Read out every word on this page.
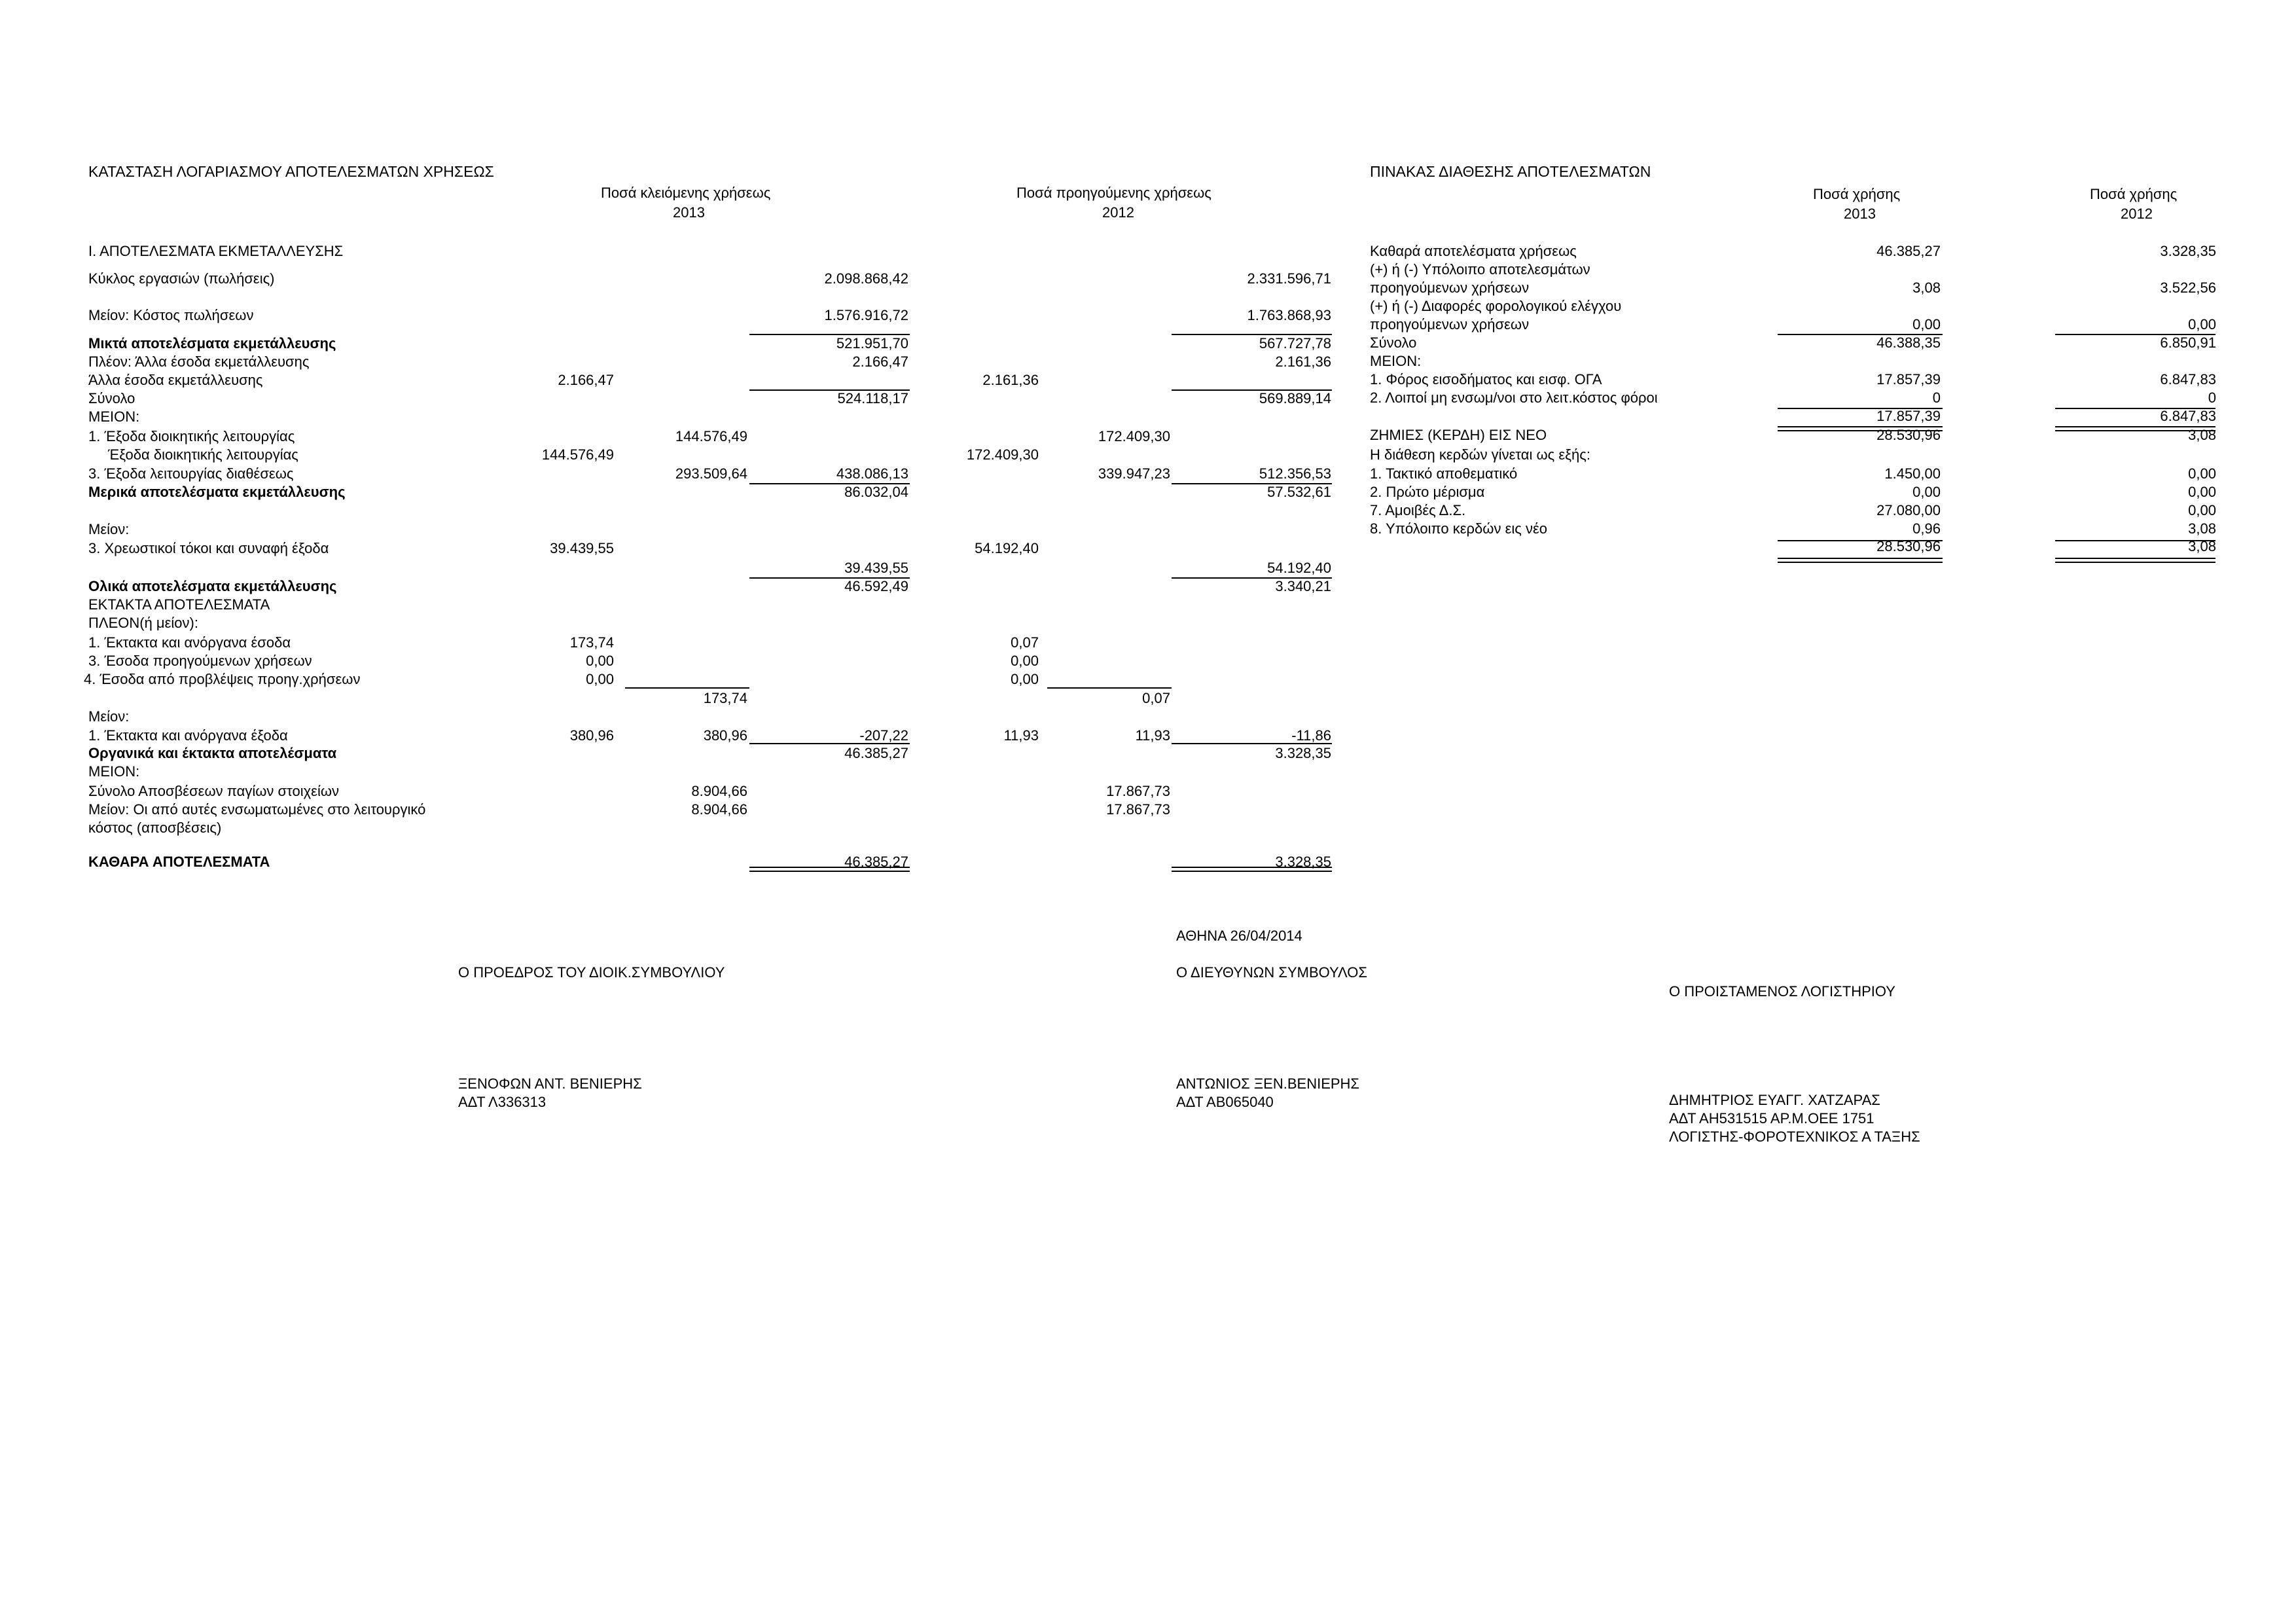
ΚΑΤΑΣΤΑΣΗ ΛΟΓΑΡΙΑΣΜΟΥ ΑΠΟΤΕΛΕΣΜΑΤΩΝ ΧΡΗΣΕΩΣ
Ποσά κλειόμενης χρήσεως
2013
Ποσά προηγούμενης χρήσεως
2012
Ι. ΑΠΟΤΕΛΕΣΜΑΤΑ ΕΚΜΕΤΑΛΛΕΥΣΗΣ
Κύκλος εργασιών (πωλήσεις)	2.098.868,42	2.331.596,71
Μείον: Κόστος πωλήσεων	1.576.916,72	1.763.868,93
Μικτά αποτελέσματα εκμετάλλευσης	521.951,70	567.727,78
Πλέον: Άλλα έσοδα εκμετάλλευσης	2.166,47	2.161,36
Άλλα έσοδα εκμετάλλευσης	2.166,47	2.161,36
Σύνολο	524.118,17	569.889,14
ΜΕΙΟΝ:
1. Έξοδα διοικητικής λειτουργίας	144.576,49	172.409,30
Έξοδα διοικητικής λειτουργίας	144.576,49	172.409,30
3. Έξοδα λειτουργίας διαθέσεως	293.509,64	438.086,13	339.947,23	512.356,53
Μερικά αποτελέσματα εκμετάλλευσης	86.032,04	57.532,61
Μείον:
3. Χρεωστικοί τόκοι και συναφή έξοδα	39.439,55	54.192,40
39.439,55	54.192,40
Ολικά αποτελέσματα εκμετάλλευσης	46.592,49	3.340,21
ΕΚΤΑΚΤΑ ΑΠΟΤΕΛΕΣΜΑΤΑ
ΠΛΕΟΝ(ή μείον):
1. Έκτακτα και ανόργανα έσοδα	173,74	0,07
3. Έσοδα προηγούμενων χρήσεων	0,00	0,00
4. Έσοδα από προβλέψεις προηγ.χρήσεων	0,00	0,00
173,74	0,07
Μείον:
1. Έκτακτα και ανόργανα έξοδα	380,96	380,96	-207,22	11,93	11,93	-11,86
Οργανικά και έκτακτα αποτελέσματα	46.385,27	3.328,35
ΜΕΙΟΝ:
Σύνολο Αποσβέσεων παγίων στοιχείων	8.904,66	17.867,73
Μείον: Οι από αυτές ενσωματωμένες στο λειτουργικό	8.904,66	17.867,73
κόστος (αποσβέσεις)
ΚΑΘΑΡΑ ΑΠΟΤΕΛΕΣΜΑΤΑ	46.385,27	3.328,35
ΠΙΝΑΚΑΣ ΔΙΑΘΕΣΗΣ ΑΠΟΤΕΛΕΣΜΑΤΩΝ
Ποσά χρήσης
2013
Ποσά χρήσης
2012
Καθαρά αποτελέσματα χρήσεως	46.385,27	3.328,35
(+) ή (-) Υπόλοιπο αποτελεσμάτων
προηγούμενων χρήσεων	3,08	3.522,56
(+) ή (-) Διαφορές φορολογικού ελέγχου
προηγούμενων χρήσεων	0,00	0,00
Σύνολο	46.388,35	6.850,91
ΜΕΙΟΝ:
1. Φόρος εισοδήματος και εισφ. ΟΓΑ	17.857,39	6.847,83
2. Λοιποί μη ενσωμ/νοι στο λειτ.κόστος φόροι	0	0
17.857,39	6.847,83
ΖΗΜΙΕΣ (ΚΕΡΔΗ) ΕΙΣ ΝΕΟ	28.530,96	3,08
Η διάθεση κερδών γίνεται ως εξής:
1. Τακτικό αποθεματικό	1.450,00	0,00
2. Πρώτο μέρισμα	0,00	0,00
7. Αμοιβές Δ.Σ.	27.080,00	0,00
8. Υπόλοιπο κερδών εις νέο	0,96	3,08
28.530,96	3,08
ΑΘΗΝΑ 26/04/2014
Ο ΠΡΟΕΔΡΟΣ ΤΟΥ ΔΙΟΙΚ.ΣΥΜΒΟΥΛΙΟΥ	Ο ΔΙΕΥΘΥΝΩΝ ΣΥΜΒΟΥΛΟΣ
Ο ΠΡΟΙΣΤΑΜΕΝΟΣ ΛΟΓΙΣΤΗΡΙΟΥ
ΞΕΝΟΦΩΝ ΑΝΤ. ΒΕΝΙΕΡΗΣ
ΑΔΤ Λ336313
ΑΝΤΩΝΙΟΣ ΞΕΝ.ΒΕΝΙΕΡΗΣ
ΑΔΤ ΑΒ065040	ΔΗΜΗΤΡΙΟΣ ΕΥΑΓΓ. ΧΑΤΖΑΡΑΣ
ΑΔΤ ΑΗ531515 ΑΡ.Μ.ΟΕΕ 1751
ΛΟΓΙΣΤΗΣ-ΦΟΡΟΤΕΧΝΙΚΟΣ Α ΤΑΞΗΣ
